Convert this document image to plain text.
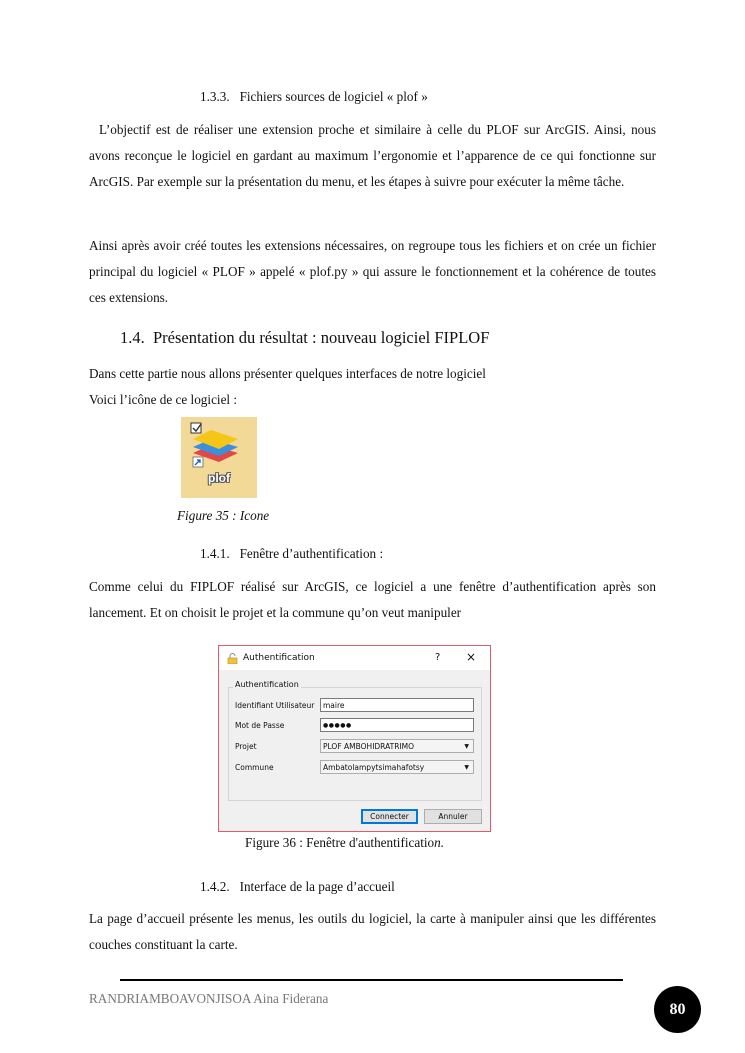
1.3.3. Fichiers sources de logiciel « plof »
L’objectif est de réaliser une extension proche et similaire à celle du PLOF sur ArcGIS. Ainsi, nous avons reconçue le logiciel en gardant au maximum l’ergonomie et l’apparence de ce qui fonctionne sur ArcGIS. Par exemple sur la présentation du menu, et les étapes à suivre pour exécuter la même tâche.
Ainsi après avoir créé toutes les extensions nécessaires, on regroupe tous les fichiers et on crée un fichier principal du logiciel « PLOF » appelé « plof.py » qui assure le fonctionnement et la cohérence de toutes ces extensions.
1.4. Présentation du résultat : nouveau logiciel FIPLOF
Dans cette partie nous allons présenter quelques interfaces de notre logiciel
Voici l’icône de ce logiciel :
plof
Figure 35 : Icone
1.4.1. Fenêtre d’authentification :
Comme celui du FIPLOF réalisé sur ArcGIS, ce logiciel a une fenêtre d’authentification après son lancement. Et on choisit le projet et la commune qu’on veut manipuler
Authentification	? ×
Authentification
Identifiant Utilisateur	maire
Mot de Passe	●●●●●
Projet	PLOF AMBOHIDRATRIMO	▼
Commune	Ambatolampytsimahafotsy	▼
Connecter	Annuler
Figure 36 : Fenêtre d'authentification.
1.4.2. Interface de la page d’accueil
La page d’accueil présente les menus, les outils du logiciel, la carte à manipuler ainsi que les différentes couches constituant la carte.
RANDRIAMBOAVONJISOA Aina Fiderana
80
